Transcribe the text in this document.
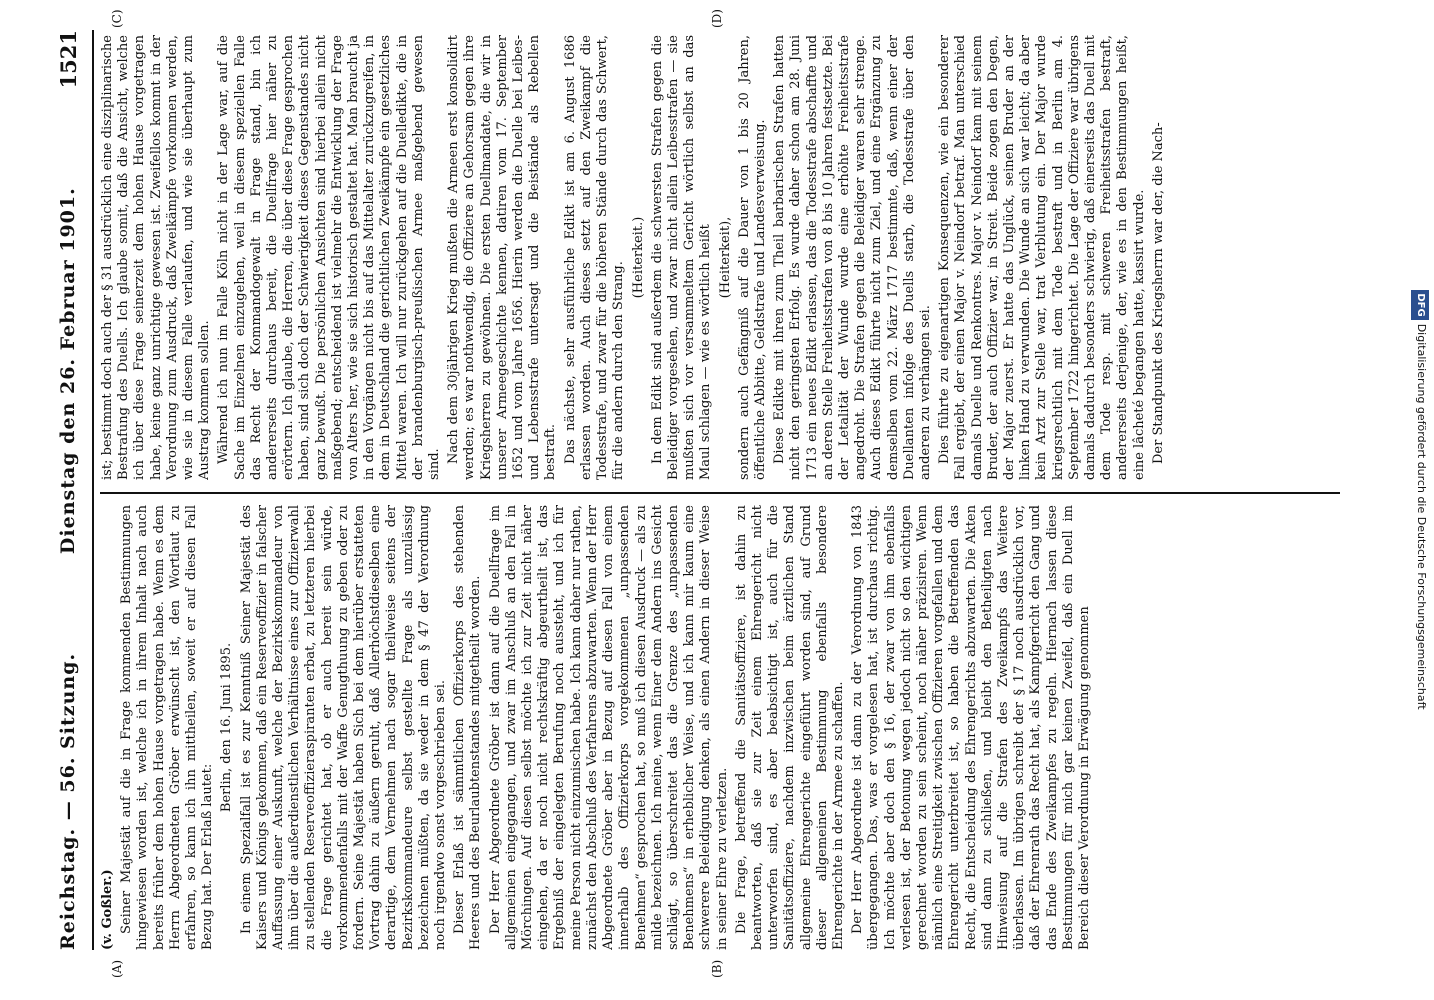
Reichstag. — 56. Sitzung.
Dienstag den 26. Februar 1901.
1521
(A)	(B)
(C)	(D)

(v. Goßler.) Seiner Majestät auf die in Frage kommenden Bestimmungen hingewiesen worden ist, welche ich in ihrem Inhalt nach auch bereits früher dem hohen Hause vorgetragen habe. Wenn es dem Herrn Abgeordneten Gröber erwünscht ist, den Wortlaut zu erfahren, so kann ich ihn mittheilen, soweit er auf diesen Fall Bezug hat. Der Erlaß lautet:

Berlin, den 16. Juni 1895. In einem Spezialfall ist es zur Kenntniß Seiner Majestät des Kaisers und Königs gekommen, daß ein Reserveoffizier in falscher Auffassung einer Auskunft, welche der Bezirkskommandeur von ihm über die außerdienstlichen Verhältnisse eines zur Offizierwahl zu stellenden Reserveoffizieraspiranten erbat, zu letzteren hierbei die Frage gerichtet hat, ob er auch bereit sein würde, vorkommendenfalls mit der Waffe Genugthuung zu geben oder zu fordern. Seine Majestät haben Sich bei dem hierüber erstatteten Vortrag dahin zu äußern geruht, daß Allerhöchstdieselben eine derartige, dem Vernehmen nach sogar theilweise seitens der Bezirkskommandeure selbst gestellte Frage als unzulässig bezeichnen müßten, da sie weder in dem § 47 der Verordnung noch irgendwo sonst vorgeschrieben sei. Dieser Erlaß ist sämmtlichen Offizierkorps des stehenden Heeres und des Beurlaubtenstandes mitgetheilt worden. Der Herr Abgeordnete Gröber ist dann auf die Duellfrage im allgemeinen eingegangen, und zwar im Anschluß an den Fall in Mörchingen. Auf diesen selbst möchte ich zur Zeit nicht näher eingehen, da er noch nicht rechtskräftig abgeurtheilt ist, das Ergebniß der eingelegten Berufung noch aussteht, und ich für meine Person nicht einzumischen habe. Ich kann daher nur rathen, zunächst den Abschluß des Verfahrens abzuwarten. Wenn der Herr Abgeordnete Gröber aber in Bezug auf diesen Fall von einem innerhalb des Offizierkorps vorgekommenen „unpassenden Benehmen“ gesprochen hat, so muß ich diesen Ausdruck — als zu milde bezeichnen. Ich meine, wenn Einer dem Andern ins Gesicht schlägt, so überschreitet das die Grenze des „unpassenden Benehmens“ in erheblicher Weise, und ich kann mir kaum eine schwerere Beleidigung denken, als einen Andern in dieser Weise in seiner Ehre zu verletzen. Die Frage, betreffend die Sanitätsoffiziere, ist dahin zu beantworten, daß sie zur Zeit einem Ehrengericht nicht unterworfen sind, es aber beabsichtigt ist, auch für die Sanitätsoffiziere, nachdem inzwischen beim ärztlichen Stand allgemeine Ehrengerichte eingeführt worden sind, auf Grund dieser allgemeinen Bestimmung ebenfalls besondere Ehrengerichte in der Armee zu schaffen. Der Herr Abgeordnete ist dann zu der Verordnung von 1843 übergegangen. Das, was er vorgelesen hat, ist durchaus richtig. Ich möchte aber doch den § 16, der zwar von ihm ebenfalls verlesen ist, der Betonung wegen jedoch nicht so den wichtigen gerechnet worden zu sein scheint, noch näher präzisiren. Wenn nämlich eine Streitigkeit zwischen Offizieren vorgefallen und dem Ehrengericht unterbreitet ist, so haben die Betreffenden das Recht, die Entscheidung des Ehrengerichts abzuwarten. Die Akten sind dann zu schließen, und bleibt den Betheiligten nach Hinweisung auf die Strafen des Zweikampfs das Weitere überlassen. Im übrigen schreibt der § 17 noch ausdrücklich vor, daß der Ehrenrath das Recht hat, als Kampfgericht den Gang und das Ende des Zweikampfes zu regeln. Hiernach lassen diese Bestimmungen für mich gar keinen Zweifel, daß ein Duell im Bereich dieser Verordnung in Erwägung genommen

ist; bestimmt doch auch der § 31 ausdrücklich eine disziplinarische Bestrafung des Duells. Ich glaube somit, daß die Ansicht, welche ich über diese Frage seinerzeit dem hohen Hause vorgetragen habe, keine ganz unrichtige gewesen ist. Zweifellos kommt in der Verordnung zum Ausdruck, daß Zweikämpfe vorkommen werden, wie sie in diesem Falle verlaufen, und wie sie überhaupt zum Austrag kommen sollen. Während ich nun im Falle Köln nicht in der Lage war, auf die Sache im Einzelnen einzugehen, weil in diesem speziellen Falle das Recht der Kommandogewalt in Frage stand, bin ich andererseits durchaus bereit, die Duellfrage hier näher zu erörtern. Ich glaube, die Herren, die über diese Frage gesprochen haben, sind sich doch der Schwierigkeit dieses Gegenstandes nicht ganz bewußt. Die persönlichen Ansichten sind hierbei allein nicht maßgebend; entscheidend ist vielmehr die Entwicklung der Frage von Alters her, wie sie sich historisch gestaltet hat. Man braucht ja in den Vorgängen nicht bis auf das Mittelalter zurückzugreifen, in dem in Deutschland die gerichtlichen Zweikämpfe ein gesetzliches Mittel waren. Ich will nur zurückgehen auf die Duelledikte, die in der brandenburgisch-preußischen Armee maßgebend gewesen sind.

Nach dem 30jährigen Krieg mußten die Armeen erst konsolidirt werden; es war nothwendig, die Offiziere an Gehorsam gegen ihre Kriegsherren zu gewöhnen. Die ersten Duellmandate, die wir in unserer Armeegeschichte kennen, datiren vom 17. September 1652 und vom Jahre 1656. Hierin werden die Duelle bei Leibes- und Lebensstrafe untersagt und die Beistände als Rebellen bestraft. Das nächste, sehr ausführliche Edikt ist am 6. August 1686 erlassen worden. Auch dieses setzt auf den Zweikampf die Todesstrafe, und zwar für die höheren Stände durch das Schwert, für die andern durch den Strang.

(Heiterkeit.) In dem Edikt sind außerdem die schwersten Strafen gegen die Beleidiger vorgesehen, und zwar nicht allein Leibesstrafen — sie mußten sich vor versammeltem Gericht wörtlich selbst an das Maul schlagen — wie es wörtlich heißt (Heiterkeit), sondern auch Gefängniß auf die Dauer von 1 bis 20 Jahren, öffentliche Abbitte, Geldstrafe und Landesverweisung. Diese Edikte mit ihren zum Theil barbarischen Strafen hatten nicht den geringsten Erfolg. Es wurde daher schon am 28. Juni 1713 ein neues Edikt erlassen, das die Todesstrafe abschaffte und an deren Stelle Freiheitsstrafen von 8 bis 10 Jahren festsetzte. Bei der Letalität der Wunde wurde eine erhöhte Freiheitsstrafe angedroht. Die Strafen gegen die Beleidiger waren sehr strenge. Auch dieses Edikt führte nicht zum Ziel, und eine Ergänzung zu demselben vom 22. März 1717 bestimmte, daß, wenn einer der Duellanten infolge des Duells starb, die Todesstrafe über den anderen zu verhängen sei. Dies führte zu eigenartigen Konsequenzen, wie ein besonderer Fall ergiebt, der einen Major v. Neindorf betraf. Man unterschied damals Duelle und Renkontres. Major v. Neindorf kam mit seinem Bruder, der auch Offizier war, in Streit. Beide zogen den Degen, der Major zuerst. Er hatte das Unglück, seinen Bruder an der linken Hand zu verwunden. Die Wunde an sich war leicht; da aber kein Arzt zur Stelle war, trat Verblutung ein. Der Major wurde kriegsrechtlich mit dem Tode bestraft und in Berlin am 4. September 1722 hingerichtet. Die Lage der Offiziere war übrigens damals dadurch besonders schwierig, daß einerseits das Duell mit dem Tode resp. mit schweren Freiheitsstrafen bestraft, andererseits derjenige, der, wie es in den Bestimmungen heißt, eine lâcheté begangen hatte, kassirt wurde. Der Standpunkt des Kriegsherrn war der, die Nach-	DFGDigitalisierung gefördert durch die Deutsche Forschungsgemeinschaft
